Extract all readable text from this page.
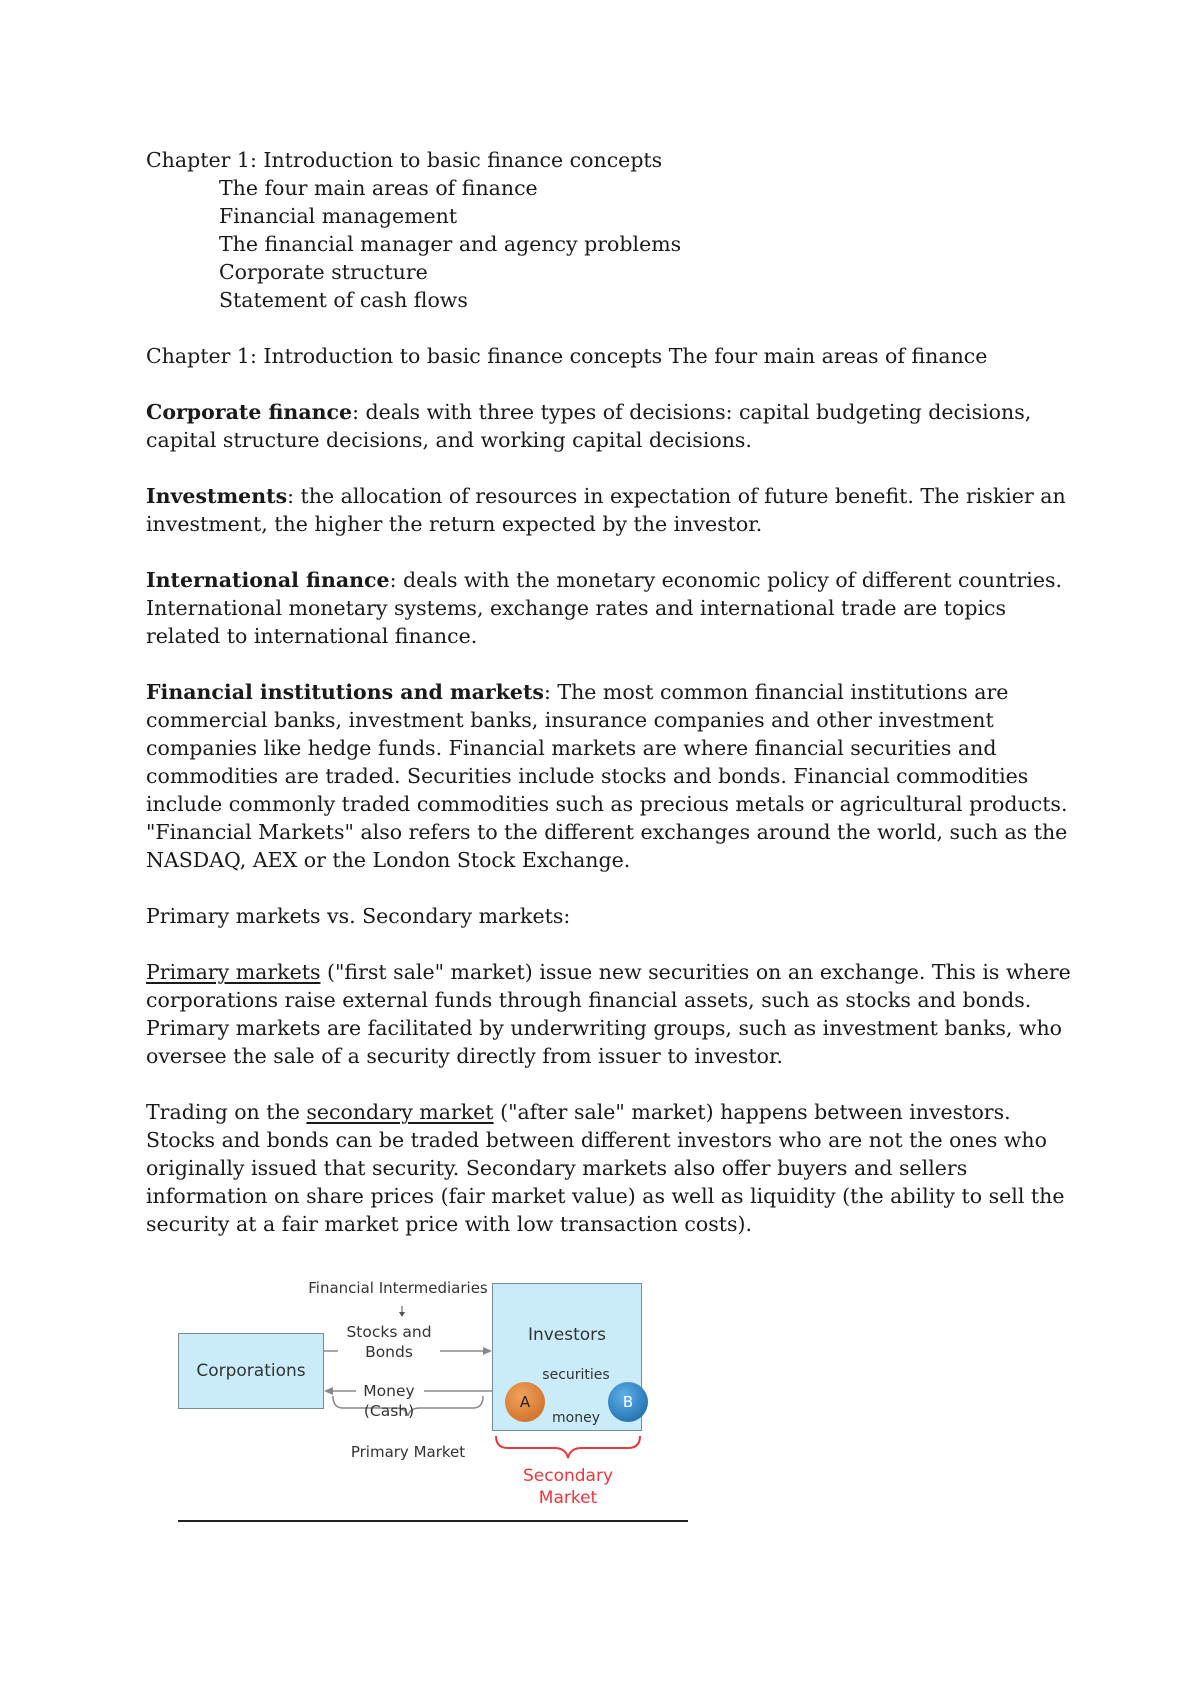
Chapter 1: Introduction to basic finance concepts
The four main areas of finance
Financial management
The financial manager and agency problems
Corporate structure
Statement of cash flows
Chapter 1: Introduction to basic finance concepts The four main areas of finance

Corporate finance: deals with three types of decisions: capital budgeting decisions, capital structure decisions, and working capital decisions.

Investments: the allocation of resources in expectation of future benefit. The riskier an investment, the higher the return expected by the investor.

International finance: deals with the monetary economic policy of different countries. International monetary systems, exchange rates and international trade are topics related to international finance.

Financial institutions and markets: The most common financial institutions are commercial banks, investment banks, insurance companies and other investment companies like hedge funds. Financial markets are where financial securities and commodities are traded. Securities include stocks and bonds. Financial commodities include commonly traded commodities such as precious metals or agricultural products. "Financial Markets" also refers to the different exchanges around the world, such as the NASDAQ, AEX or the London Stock Exchange.

Primary markets vs. Secondary markets:

Primary markets ("first sale" market) issue new securities on an exchange. This is where corporations raise external funds through financial assets, such as stocks and bonds. Primary markets are facilitated by underwriting groups, such as investment banks, who oversee the sale of a security directly from issuer to investor.

Trading on the secondary market ("after sale" market) happens between investors. Stocks and bonds can be traded between different investors who are not the ones who originally issued that security. Secondary markets also offer buyers and sellers information on share prices (fair market value) as well as liquidity (the ability to sell the security at a fair market price with low transaction costs).

Financial Intermediaries
Corporations
Stocks and
Bonds
Money
(Cash)
Investors
securities
money
A	B
Primary Market
Secondary
Market
